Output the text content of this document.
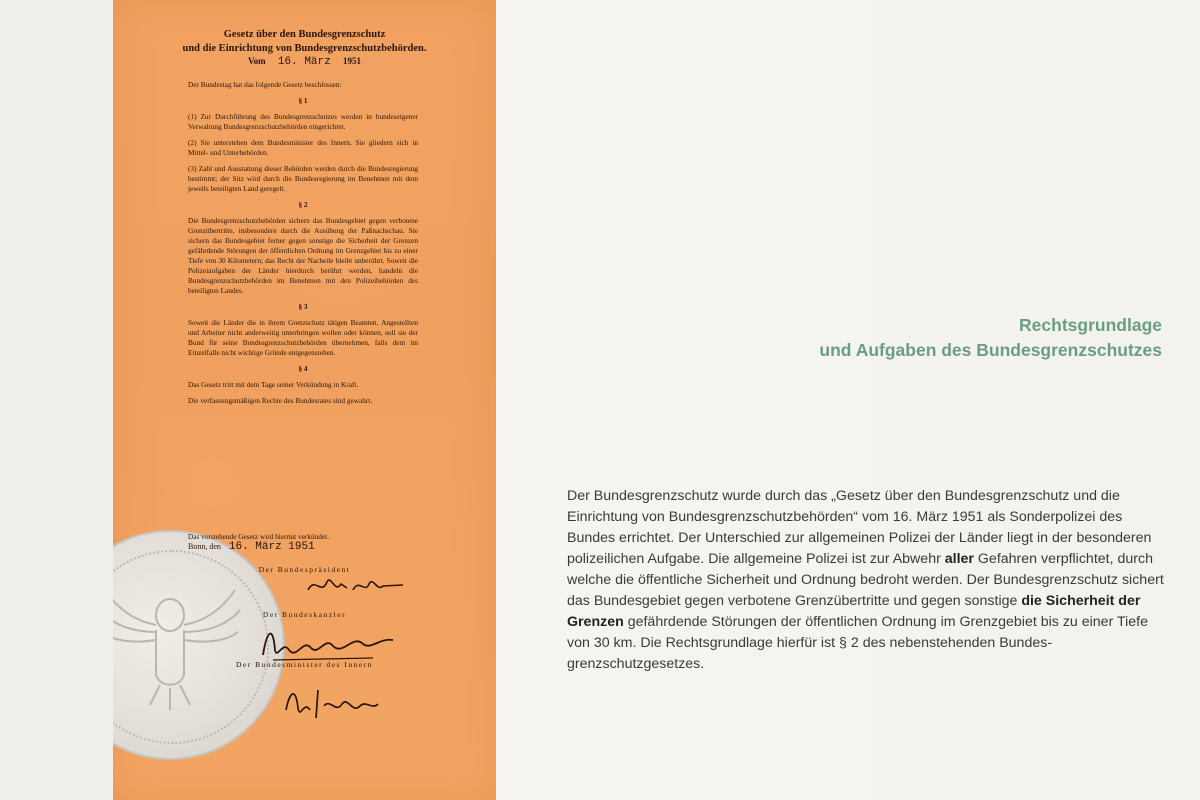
Gesetz über den Bundesgrenzschutz
und die Einrichtung von Bundesgrenzschutzbehörden.
Vom 16. März 1951

Der Bundestag hat das folgende Gesetz beschlossen:

§ 1

(1) Zur Durchführung des Bundesgrenzschutzes werden in bundeseigener Verwaltung Bundesgrenzschutzbehörden eingerichtet.

(2) Sie unterstehen dem Bundesminister des Innern. Sie gliedern sich in Mittel- und Unterbehörden.

(3) Zahl und Ausstattung dieser Behörden werden durch die Bundesregierung bestimmt; der Sitz wird durch die Bundesregierung im Benehmen mit dem jeweils beteiligten Land geregelt.

§ 2

Die Bundesgrenzschutzbehörden sichern das Bundesgebiet gegen verbotene Grenzübertritte, insbesondere durch die Ausübung der Paßnachschau. Sie sichern das Bundesgebiet ferner gegen sonstige die Sicherheit der Grenzen gefährdende Störungen der öffentlichen Ordnung im Grenzgebiet bis zu einer Tiefe von 30 Kilometern; das Recht der Nacheile bleibt unberührt. Soweit die Polizeiaufgaben der Länder hierdurch berührt werden, handeln die Bundesgrenzschutzbehörden im Benehmen mit den Polizeibehörden des beteiligten Landes.

§ 3

Soweit die Länder die in ihrem Grenzschutz tätigen Beamten, Angestellten und Arbeiter nicht anderweitig unterbringen wollen oder können, soll sie der Bund für seine Bundesgrenzschutzbehörden übernehmen, falls dem im Einzelfalle nicht wichtige Gründe entgegenstehen.

§ 4

Das Gesetz tritt mit dem Tage seiner Verkündung in Kraft.

Die verfassungsmäßigen Rechte des Bundesrates sind gewahrt.

Das vorstehende Gesetz wird hiermit verkündet.
Bonn, den 16. März 1951
Der Bundespräsident
Der Bundeskanzler
Der Bundesminister des Innern
Rechtsgrundlage
und Aufgaben des Bundesgrenzschutzes
Der Bundesgrenzschutz wurde durch das „Gesetz über den Bundesgrenzschutz und die Einrichtung von Bundesgrenzschutzbehörden“ vom 16. März 1951 als Sonderpolizei des Bundes errichtet. Der Unterschied zur allgemeinen Polizei der Länder liegt in der besonderen polizeilichen Aufgabe. Die allgemeine Polizei ist zur Abwehr aller Gefahren verpflichtet, durch welche die öffentliche Sicherheit und Ordnung bedroht werden. Der Bundesgrenzschutz sichert das Bundesgebiet gegen verbotene Grenzübertritte und gegen sonstige die Sicherheit der Grenzen gefährdende Störungen der öffentlichen Ordnung im Grenzgebiet bis zu einer Tiefe von 30 km. Die Rechtsgrundlage hierfür ist § 2 des nebenstehenden Bundes-grenzschutzgesetzes.
